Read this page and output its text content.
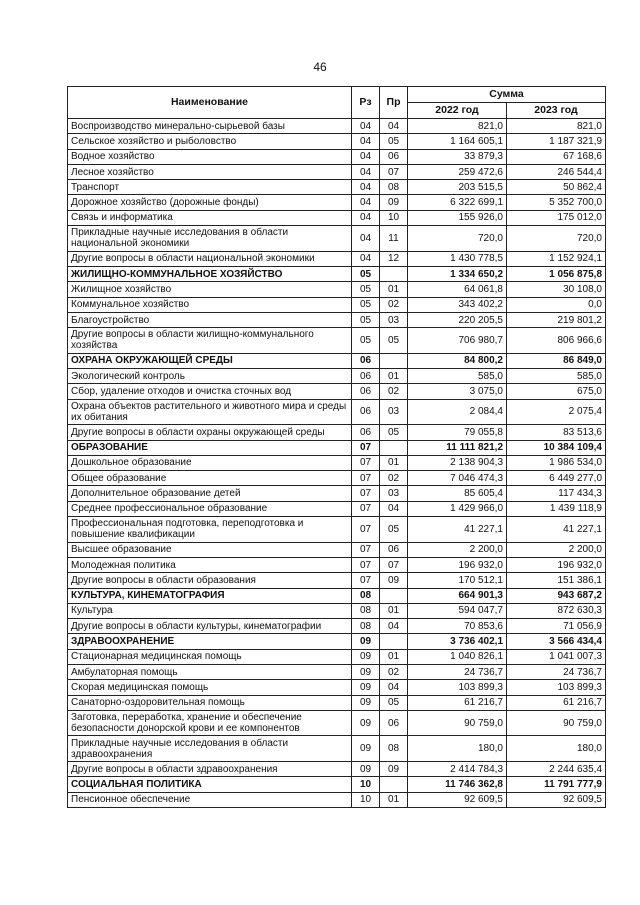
46
Наименование	Рз	Пр	Сумма	
			2022 год	2023 год
Воспроизводство минерально-сырьевой базы	04	04	821,0	821,0
Сельское хозяйство и рыболовство	04	05	1 164 605,1	1 187 321,9
Водное хозяйство	04	06	33 879,3	67 168,6
Лесное хозяйство	04	07	259 472,6	246 544,4
Транспорт	04	08	203 515,5	50 862,4
Дорожное хозяйство (дорожные фонды)	04	09	6 322 699,1	5 352 700,0
Связь и информатика	04	10	155 926,0	175 012,0
Прикладные научные исследования в области национальной экономики	04	11	720,0	720,0
Другие вопросы в области национальной экономики	04	12	1 430 778,5	1 152 924,1
ЖИЛИЩНО-КОММУНАЛЬНОЕ ХОЗЯЙСТВО	05		1 334 650,2	1 056 875,8
Жилищное хозяйство	05	01	64 061,8	30 108,0
Коммунальное хозяйство	05	02	343 402,2	0,0
Благоустройство	05	03	220 205,5	219 801,2
Другие вопросы в области жилищно-коммунального хозяйства	05	05	706 980,7	806 966,6
ОХРАНА ОКРУЖАЮЩЕЙ СРЕДЫ	06		84 800,2	86 849,0
Экологический контроль	06	01	585,0	585,0
Сбор, удаление отходов и очистка сточных вод	06	02	3 075,0	675,0
Охрана объектов растительного и животного мира и среды их обитания	06	03	2 084,4	2 075,4
Другие вопросы в области охраны окружающей среды	06	05	79 055,8	83 513,6
ОБРАЗОВАНИЕ	07		11 111 821,2	10 384 109,4
Дошкольное образование	07	01	2 138 904,3	1 986 534,0
Общее образование	07	02	7 046 474,3	6 449 277,0
Дополнительное образование детей	07	03	85 605,4	117 434,3
Среднее профессиональное образование	07	04	1 429 966,0	1 439 118,9
Профессиональная подготовка, переподготовка и повышение квалификации	07	05	41 227,1	41 227,1
Высшее образование	07	06	2 200,0	2 200,0
Молодежная политика	07	07	196 932,0	196 932,0
Другие вопросы в области образования	07	09	170 512,1	151 386,1
КУЛЬТУРА, КИНЕМАТОГРАФИЯ	08		664 901,3	943 687,2
Культура	08	01	594 047,7	872 630,3
Другие вопросы в области культуры, кинематографии	08	04	70 853,6	71 056,9
ЗДРАВООХРАНЕНИЕ	09		3 736 402,1	3 566 434,4
Стационарная медицинская помощь	09	01	1 040 826,1	1 041 007,3
Амбулаторная помощь	09	02	24 736,7	24 736,7
Скорая медицинская помощь	09	04	103 899,3	103 899,3
Санаторно-оздоровительная помощь	09	05	61 216,7	61 216,7
Заготовка, переработка, хранение и обеспечение безопасности донорской крови и ее компонентов	09	06	90 759,0	90 759,0
Прикладные научные исследования в области здравоохранения	09	08	180,0	180,0
Другие вопросы в области здравоохранения	09	09	2 414 784,3	2 244 635,4
СОЦИАЛЬНАЯ ПОЛИТИКА	10		11 746 362,8	11 791 777,9
Пенсионное обеспечение	10	01	92 609,5	92 609,5
